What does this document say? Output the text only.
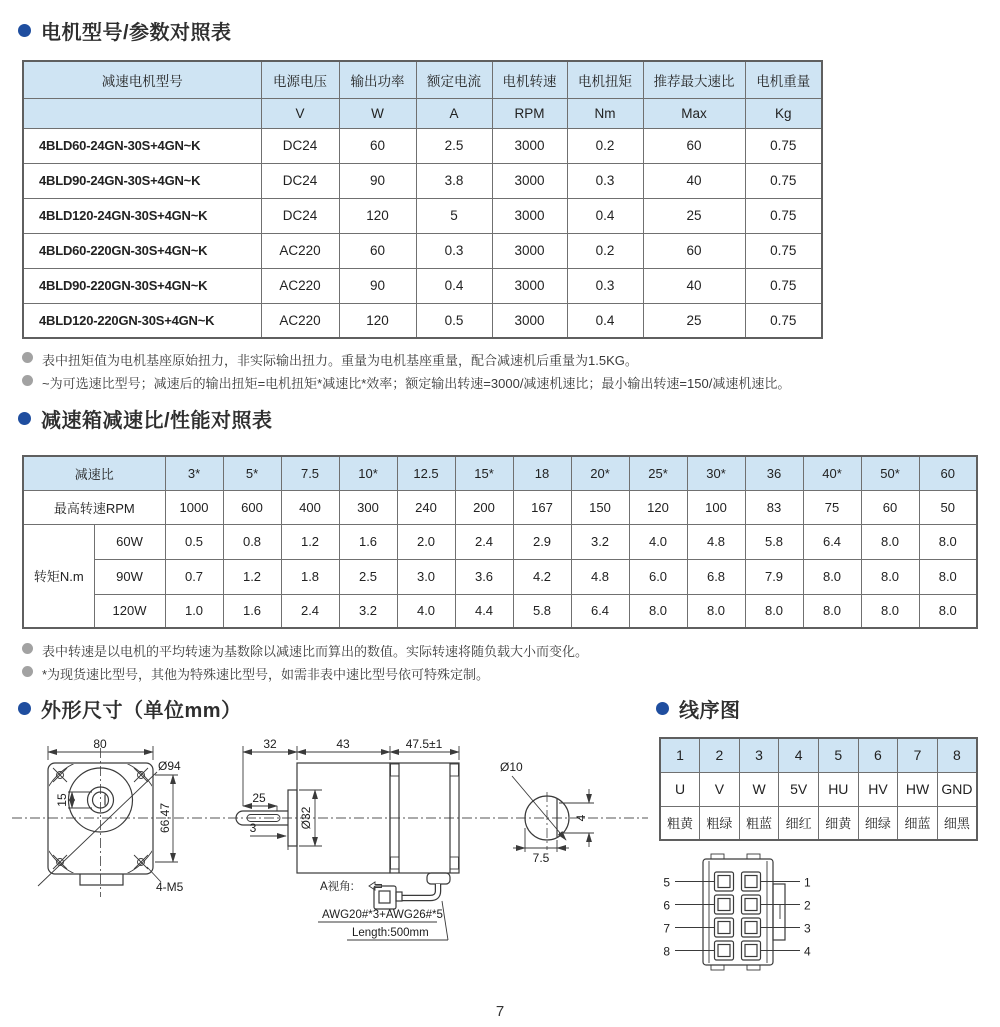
电机型号/参数对照表
减速电机型号	电源电压	输出功率	额定电流	电机转速	电机扭矩	推荐最大速比	电机重量
	V	W	A	RPM	Nm	Max	Kg
4BLD60-24GN-30S+4GN~K	DC24	60	2.5	3000	0.2	60	0.75
4BLD90-24GN-30S+4GN~K	DC24	90	3.8	3000	0.3	40	0.75
4BLD120-24GN-30S+4GN~K	DC24	120	5	3000	0.4	25	0.75
4BLD60-220GN-30S+4GN~K	AC220	60	0.3	3000	0.2	60	0.75
4BLD90-220GN-30S+4GN~K	AC220	90	0.4	3000	0.3	40	0.75
4BLD120-220GN-30S+4GN~K	AC220	120	0.5	3000	0.4	25	0.75
表中扭矩值为电机基座原始扭力，非实际输出扭力。重量为电机基座重量，配合减速机后重量为1.5KG。
~为可选速比型号；减速后的输出扭矩=电机扭矩*减速比*效率；额定输出转速=3000/减速机速比；最小输出转速=150/减速机速比。
减速箱减速比/性能对照表
减速比		3*	5*	7.5	10*	12.5	15*	18	20*	25*	30*	36	40*	50*	60
最高转速RPM		1000	600	400	300	240	200	167	150	120	100	83	75	60	50
转矩N.m	60W	0.5	0.8	1.2	1.6	2.0	2.4	2.9	3.2	4.0	4.8	5.8	6.4	8.0	8.0
	90W	0.7	1.2	1.8	2.5	3.0	3.6	4.2	4.8	6.0	6.8	7.9	8.0	8.0	8.0
	120W	1.0	1.6	2.4	3.2	4.0	4.4	5.8	6.4	8.0	8.0	8.0	8.0	8.0	8.0
表中转速是以电机的平均转速为基数除以减速比而算出的数值。实际转速将随负载大小而变化。
*为现货速比型号，其他为特殊速比型号，如需非表中速比型号依可特殊定制。
外形尺寸（单位mm）	线序图
Ø94
80
66.47
15
4-M5
32	43	47.5±1
25
Ø32
3
A视角:
AWG20#*3+AWG26#*5
Length:500mm
Ø10
4
7.5
1	2	3	4	5	6	7	8
U	V	W	5V	HU	HV	HW	GND
粗黄	粗绿	粗蓝	细红	细黄	细绿	细蓝	细黑
5
6
7
8
1
2
3
4
7
